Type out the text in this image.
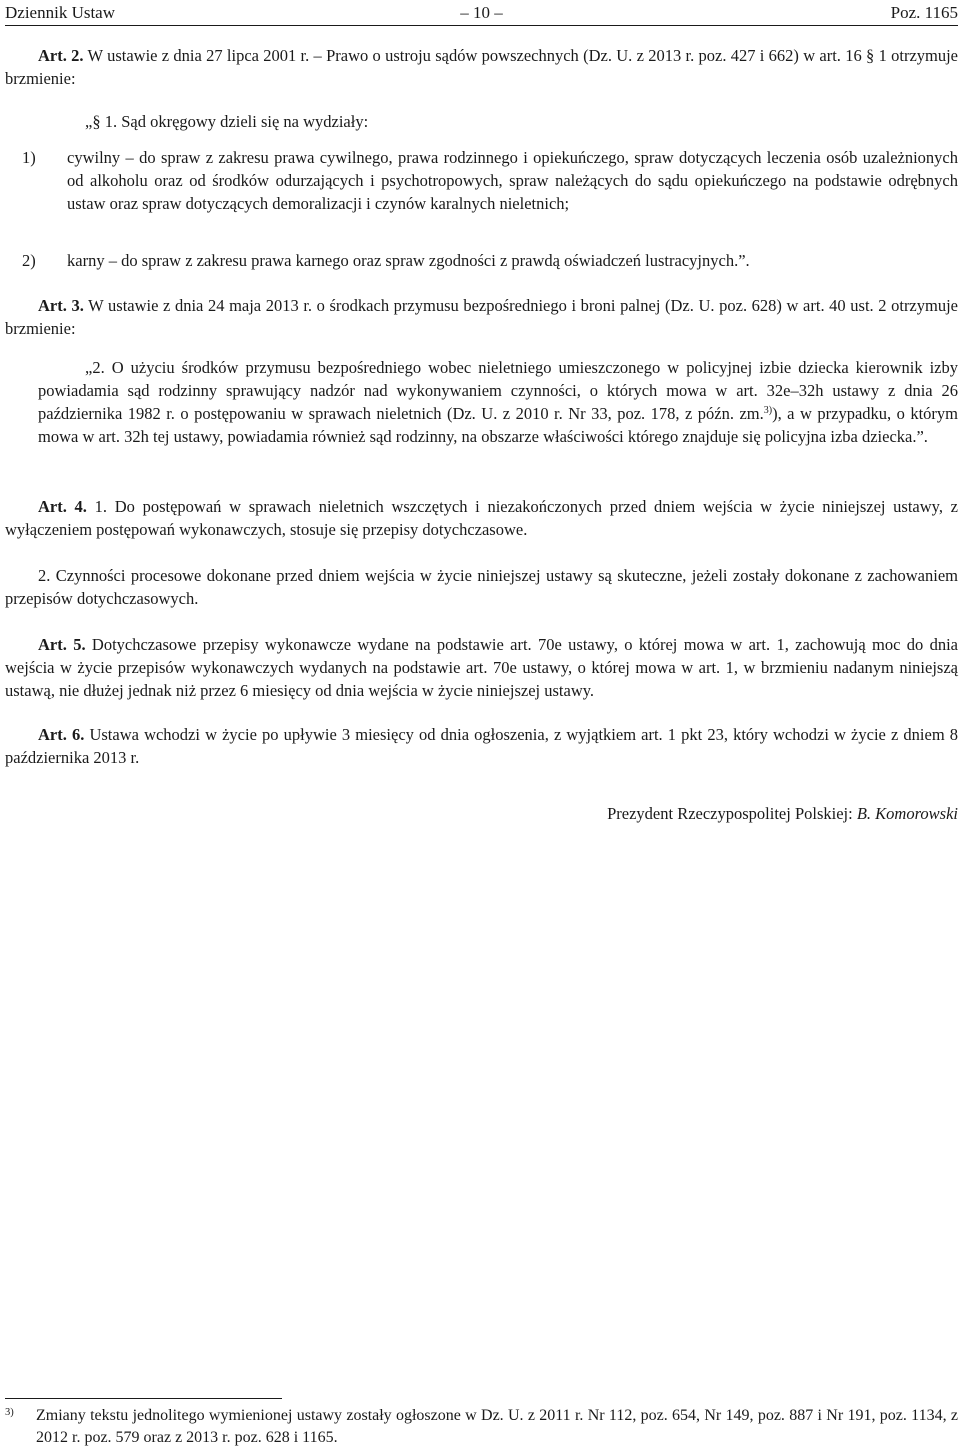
Dziennik Ustaw	– 10 –	Poz. 1165

Art. 2. W ustawie z dnia 27 lipca 2001 r. – Prawo o ustroju sądów powszechnych (Dz. U. z 2013 r. poz. 427 i 662) w art. 16 § 1 otrzymuje brzmienie:

„§ 1. Sąd okręgowy dzieli się na wydziały:
1) cywilny – do spraw z zakresu prawa cywilnego, prawa rodzinnego i opiekuńczego, spraw dotyczących leczenia osób uzależnionych od alkoholu oraz od środków odurzających i psychotropowych, spraw należących do sądu opiekuńczego na podstawie odrębnych ustaw oraz spraw dotyczących demoralizacji i czynów karalnych nieletnich;
2) karny – do spraw z zakresu prawa karnego oraz spraw zgodności z prawdą oświadczeń lustracyjnych.”.

Art. 3. W ustawie z dnia 24 maja 2013 r. o środkach przymusu bezpośredniego i broni palnej (Dz. U. poz. 628) w art. 40 ust. 2 otrzymuje brzmienie:

„2. O użyciu środków przymusu bezpośredniego wobec nieletniego umieszczonego w policyjnej izbie dziecka kierownik izby powiadamia sąd rodzinny sprawujący nadzór nad wykonywaniem czynności, o których mowa w art. 32e–32h ustawy z dnia 26 października 1982 r. o postępowaniu w sprawach nieletnich (Dz. U. z 2010 r. Nr 33, poz. 178, z późn. zm.$^{3)}$), a w przypadku, o którym mowa w art. 32h tej ustawy, powiadamia również sąd rodzinny, na obszarze właściwości którego znajduje się policyjna izba dziecka.”.

Art. 4. 1. Do postępowań w sprawach nieletnich wszczętych i niezakończonych przed dniem wejścia w życie niniejszej ustawy, z wyłączeniem postępowań wykonawczych, stosuje się przepisy dotychczasowe.

2. Czynności procesowe dokonane przed dniem wejścia w życie niniejszej ustawy są skuteczne, jeżeli zostały dokonane z zachowaniem przepisów dotychczasowych.

Art. 5. Dotychczasowe przepisy wykonawcze wydane na podstawie art. 70e ustawy, o której mowa w art. 1, zachowują moc do dnia wejścia w życie przepisów wykonawczych wydanych na podstawie art. 70e ustawy, o której mowa w art. 1, w brzmieniu nadanym niniejszą ustawą, nie dłużej jednak niż przez 6 miesięcy od dnia wejścia w życie niniejszej ustawy.

Art. 6. Ustawa wchodzi w życie po upływie 3 miesięcy od dnia ogłoszenia, z wyjątkiem art. 1 pkt 23, który wchodzi w życie z dniem 8 października 2013 r.

Prezydent Rzeczypospolitej Polskiej: B. Komorowski
3) Zmiany tekstu jednolitego wymienionej ustawy zostały ogłoszone w Dz. U. z 2011 r. Nr 112, poz. 654, Nr 149, poz. 887 i Nr 191, poz. 1134, z 2012 r. poz. 579 oraz z 2013 r. poz. 628 i 1165.
